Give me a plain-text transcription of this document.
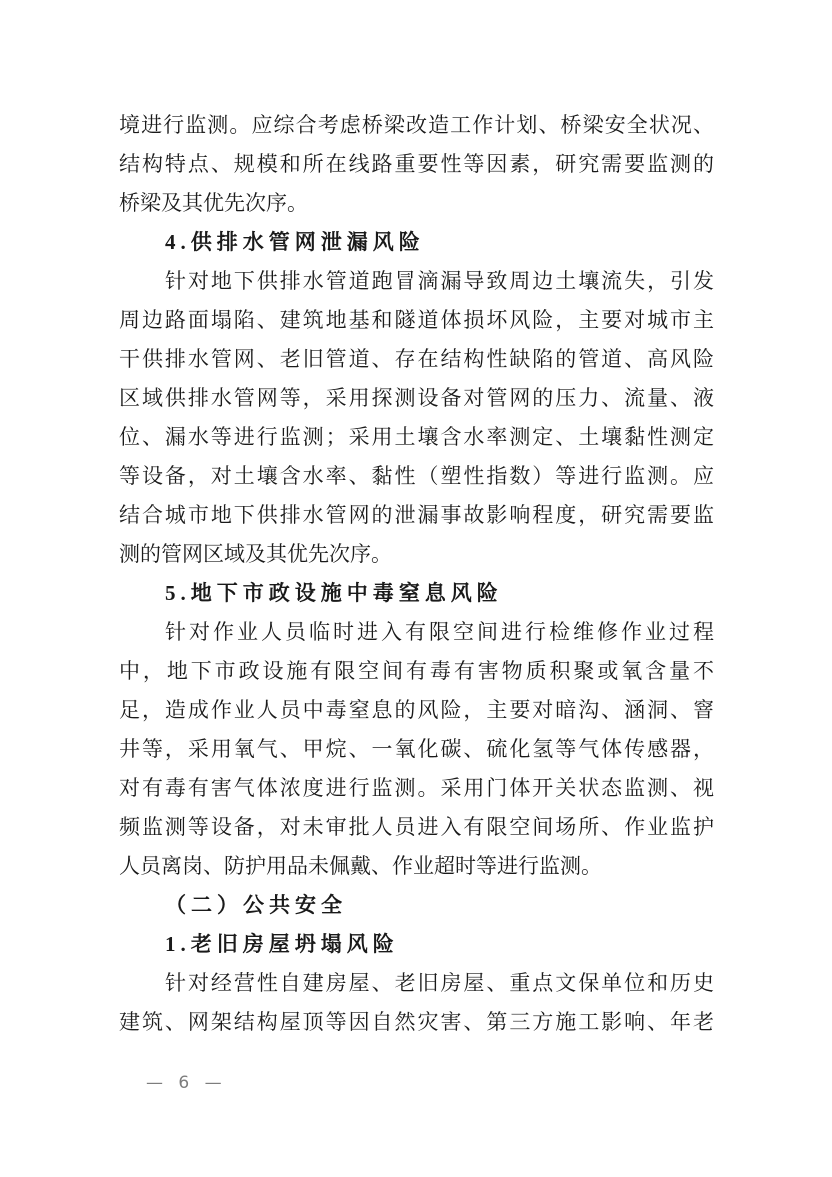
境进行监测。应综合考虑桥梁改造工作计划、桥梁安全状况、
结构特点、规模和所在线路重要性等因素，研究需要监测的
桥梁及其优先次序。
4.供排水管网泄漏风险
针对地下供排水管道跑冒滴漏导致周边土壤流失，引发
周边路面塌陷、建筑地基和隧道体损坏风险，主要对城市主
干供排水管网、老旧管道、存在结构性缺陷的管道、高风险
区域供排水管网等，采用探测设备对管网的压力、流量、液
位、漏水等进行监测；采用土壤含水率测定、土壤黏性测定
等设备，对土壤含水率、黏性（塑性指数）等进行监测。应
结合城市地下供排水管网的泄漏事故影响程度，研究需要监
测的管网区域及其优先次序。
5.地下市政设施中毒窒息风险
针对作业人员临时进入有限空间进行检维修作业过程
中，地下市政设施有限空间有毒有害物质积聚或氧含量不
足，造成作业人员中毒窒息的风险，主要对暗沟、涵洞、窨
井等，采用氧气、甲烷、一氧化碳、硫化氢等气体传感器，
对有毒有害气体浓度进行监测。采用门体开关状态监测、视
频监测等设备，对未审批人员进入有限空间场所、作业监护
人员离岗、防护用品未佩戴、作业超时等进行监测。
（二）公共安全
1.老旧房屋坍塌风险
针对经营性自建房屋、老旧房屋、重点文保单位和历史
建筑、网架结构屋顶等因自然灾害、第三方施工影响、年老
— 6 —
